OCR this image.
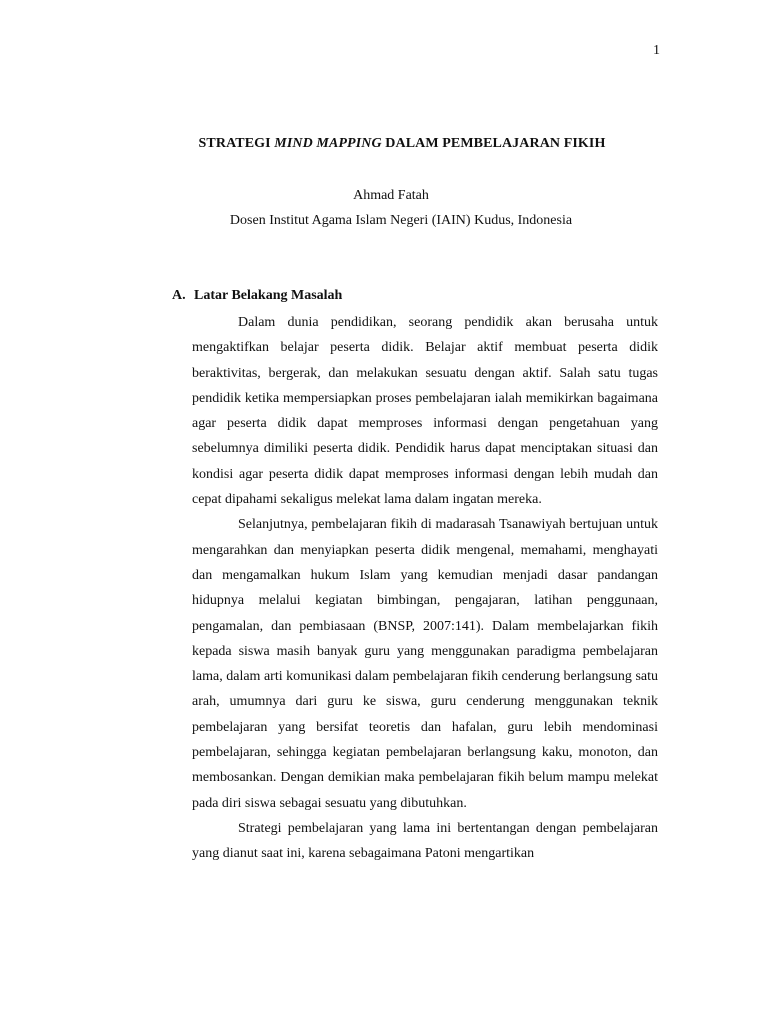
1
STRATEGI MIND MAPPING DALAM PEMBELAJARAN FIKIH
Ahmad Fatah
Dosen Institut Agama Islam Negeri (IAIN) Kudus, Indonesia
A. Latar Belakang Masalah

Dalam dunia pendidikan, seorang pendidik akan berusaha untuk mengaktifkan belajar peserta didik. Belajar aktif membuat peserta didik beraktivitas, bergerak, dan melakukan sesuatu dengan aktif. Salah satu tugas pendidik ketika mempersiapkan proses pembelajaran ialah memikirkan bagaimana agar peserta didik dapat memproses informasi dengan pengetahuan yang sebelumnya dimiliki peserta didik. Pendidik harus dapat menciptakan situasi dan kondisi agar peserta didik dapat memproses informasi dengan lebih mudah dan cepat dipahami sekaligus melekat lama dalam ingatan mereka.

Selanjutnya, pembelajaran fikih di madarasah Tsanawiyah bertujuan untuk mengarahkan dan menyiapkan peserta didik mengenal, memahami, menghayati dan mengamalkan hukum Islam yang kemudian menjadi dasar pandangan hidupnya melalui kegiatan bimbingan, pengajaran, latihan penggunaan, pengamalan, dan pembiasaan (BNSP, 2007:141). Dalam membelajarkan fikih kepada siswa masih banyak guru yang menggunakan paradigma pembelajaran lama, dalam arti komunikasi dalam pembelajaran fikih cenderung berlangsung satu arah, umumnya dari guru ke siswa, guru cenderung menggunakan teknik pembelajaran yang bersifat teoretis dan hafalan, guru lebih mendominasi pembelajaran, sehingga kegiatan pembelajaran berlangsung kaku, monoton, dan membosankan. Dengan demikian maka pembelajaran fikih belum mampu melekat pada diri siswa sebagai sesuatu yang dibutuhkan.

Strategi pembelajaran yang lama ini bertentangan dengan pembelajaran yang dianut saat ini, karena sebagaimana Patoni mengartikan
